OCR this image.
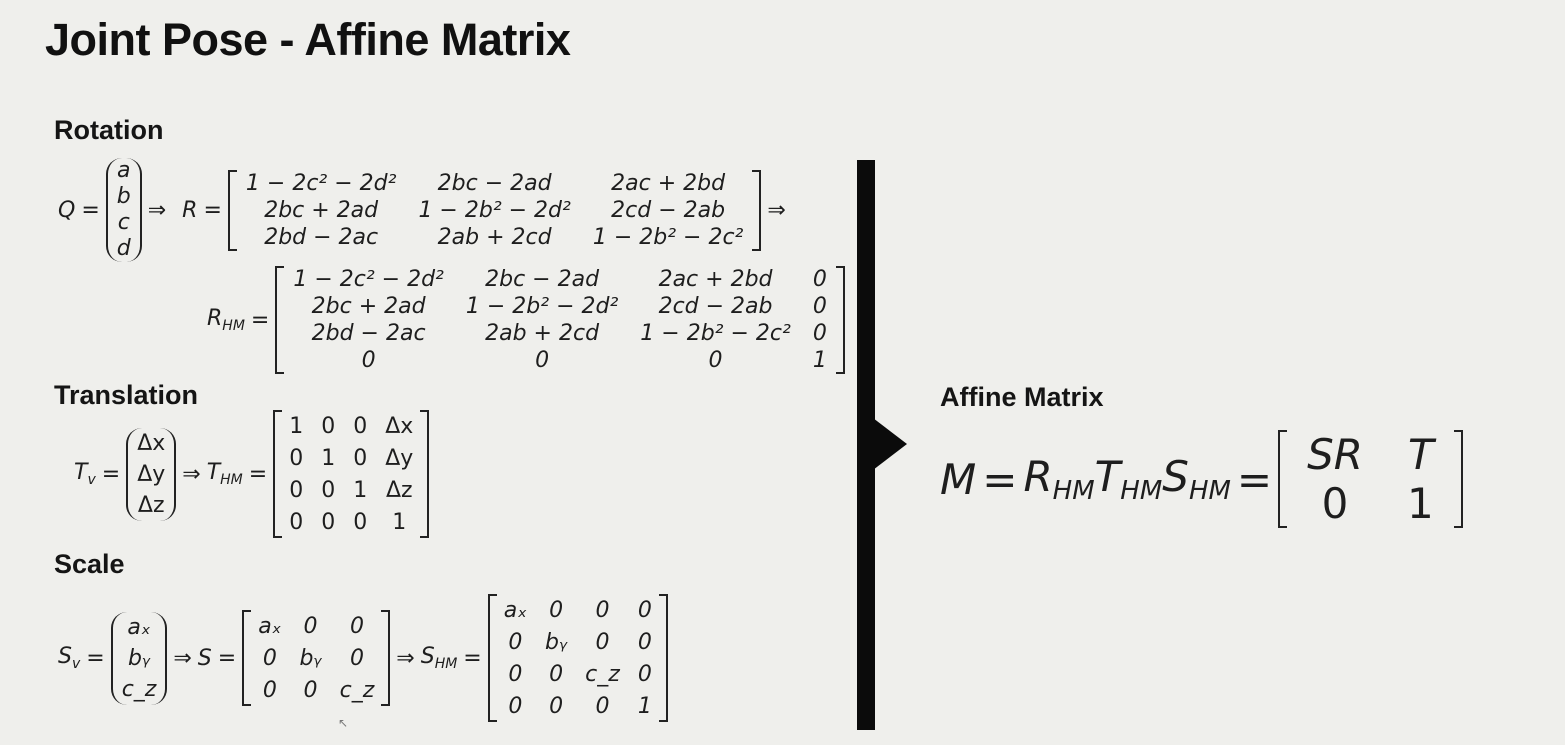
Joint Pose - Affine Matrix
Rotation
Q =
a
b
c
d
⇒ R =
1 − 2c² − 2d²	2bc − 2ad	2ac + 2bd
2bc + 2ad	1 − 2b² − 2d²	2cd − 2ab
2bd − 2ac	2ab + 2cd	1 − 2b² − 2c²
⇒
$R_{HM}$ =
1 − 2c² − 2d²	2bc − 2ad	2ac + 2bd	0
2bc + 2ad	1 − 2b² − 2d²	2cd − 2ab	0
2bd − 2ac	2ab + 2cd	1 − 2b² − 2c²	0
0	0	0	1
Translation
$T_v$ =
Δx
Δy
Δz
⇒ $T_{HM}$ =
1	0	0	Δx
0	1	0	Δy
0	0	1	Δz
0	0	0	1
Scale
$S_v$ =
aₓ
bᵧ
c_z
⇒ S =
aₓ	0	0
0	bᵧ	0
0	0	c_z
⇒ $S_{HM}$ =
aₓ	0	0	0
0	bᵧ	0	0
0	0	c_z	0
0	0	0	1
Affine Matrix
$M = R_{HM}$ $T_{HM}$ $S_{HM}$ = SR	T
0	1
↖
